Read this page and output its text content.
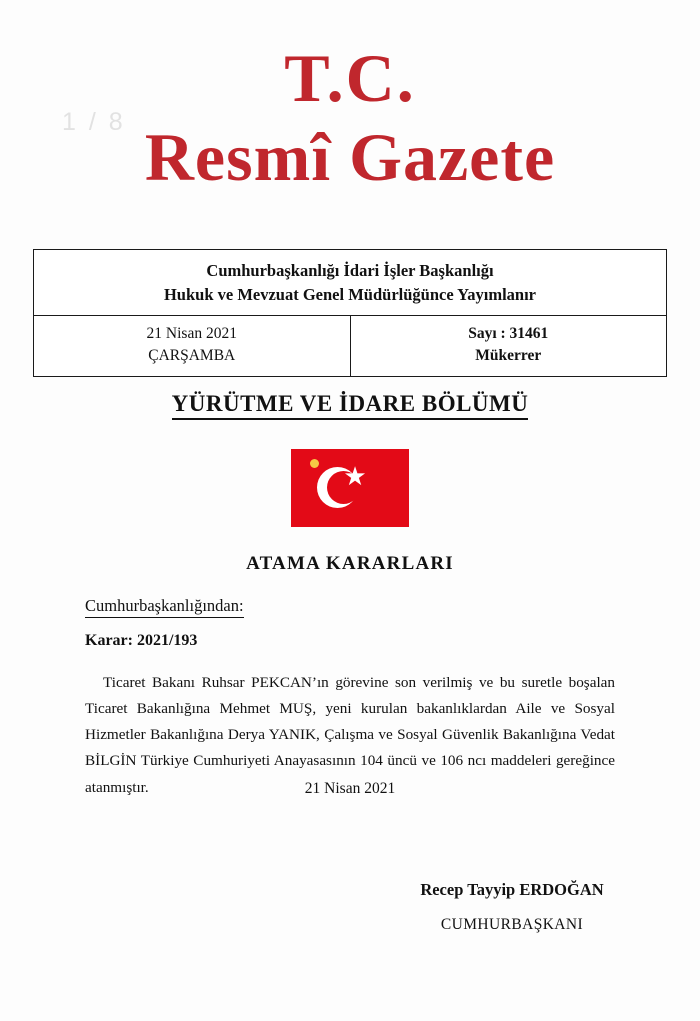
1 / 8
T.C.
Resmî Gazete
Cumhurbaşkanlığı İdari İşler Başkanlığı
Hukuk ve Mevzuat Genel Müdürlüğünce Yayımlanır
21 Nisan 2021
ÇARŞAMBA
Sayı : 31461
Mükerrer
YÜRÜTME VE İDARE BÖLÜMÜ
ATAMA KARARLARI
Cumhurbaşkanlığından:
Karar: 2021/193
Ticaret Bakanı Ruhsar PEKCAN’ın görevine son verilmiş ve bu suretle boşalan Ticaret Bakanlığına Mehmet MUŞ, yeni kurulan bakanlıklardan Aile ve Sosyal Hizmetler Bakanlığına Derya YANIK, Çalışma ve Sosyal Güvenlik Bakanlığına Vedat BİLGİN Türkiye Cumhuriyeti Anayasasının 104 üncü ve 106 ncı maddeleri gereğince atanmıştır.	21 Nisan 2021
Recep Tayyip ERDOĞAN
CUMHURBAŞKANI
